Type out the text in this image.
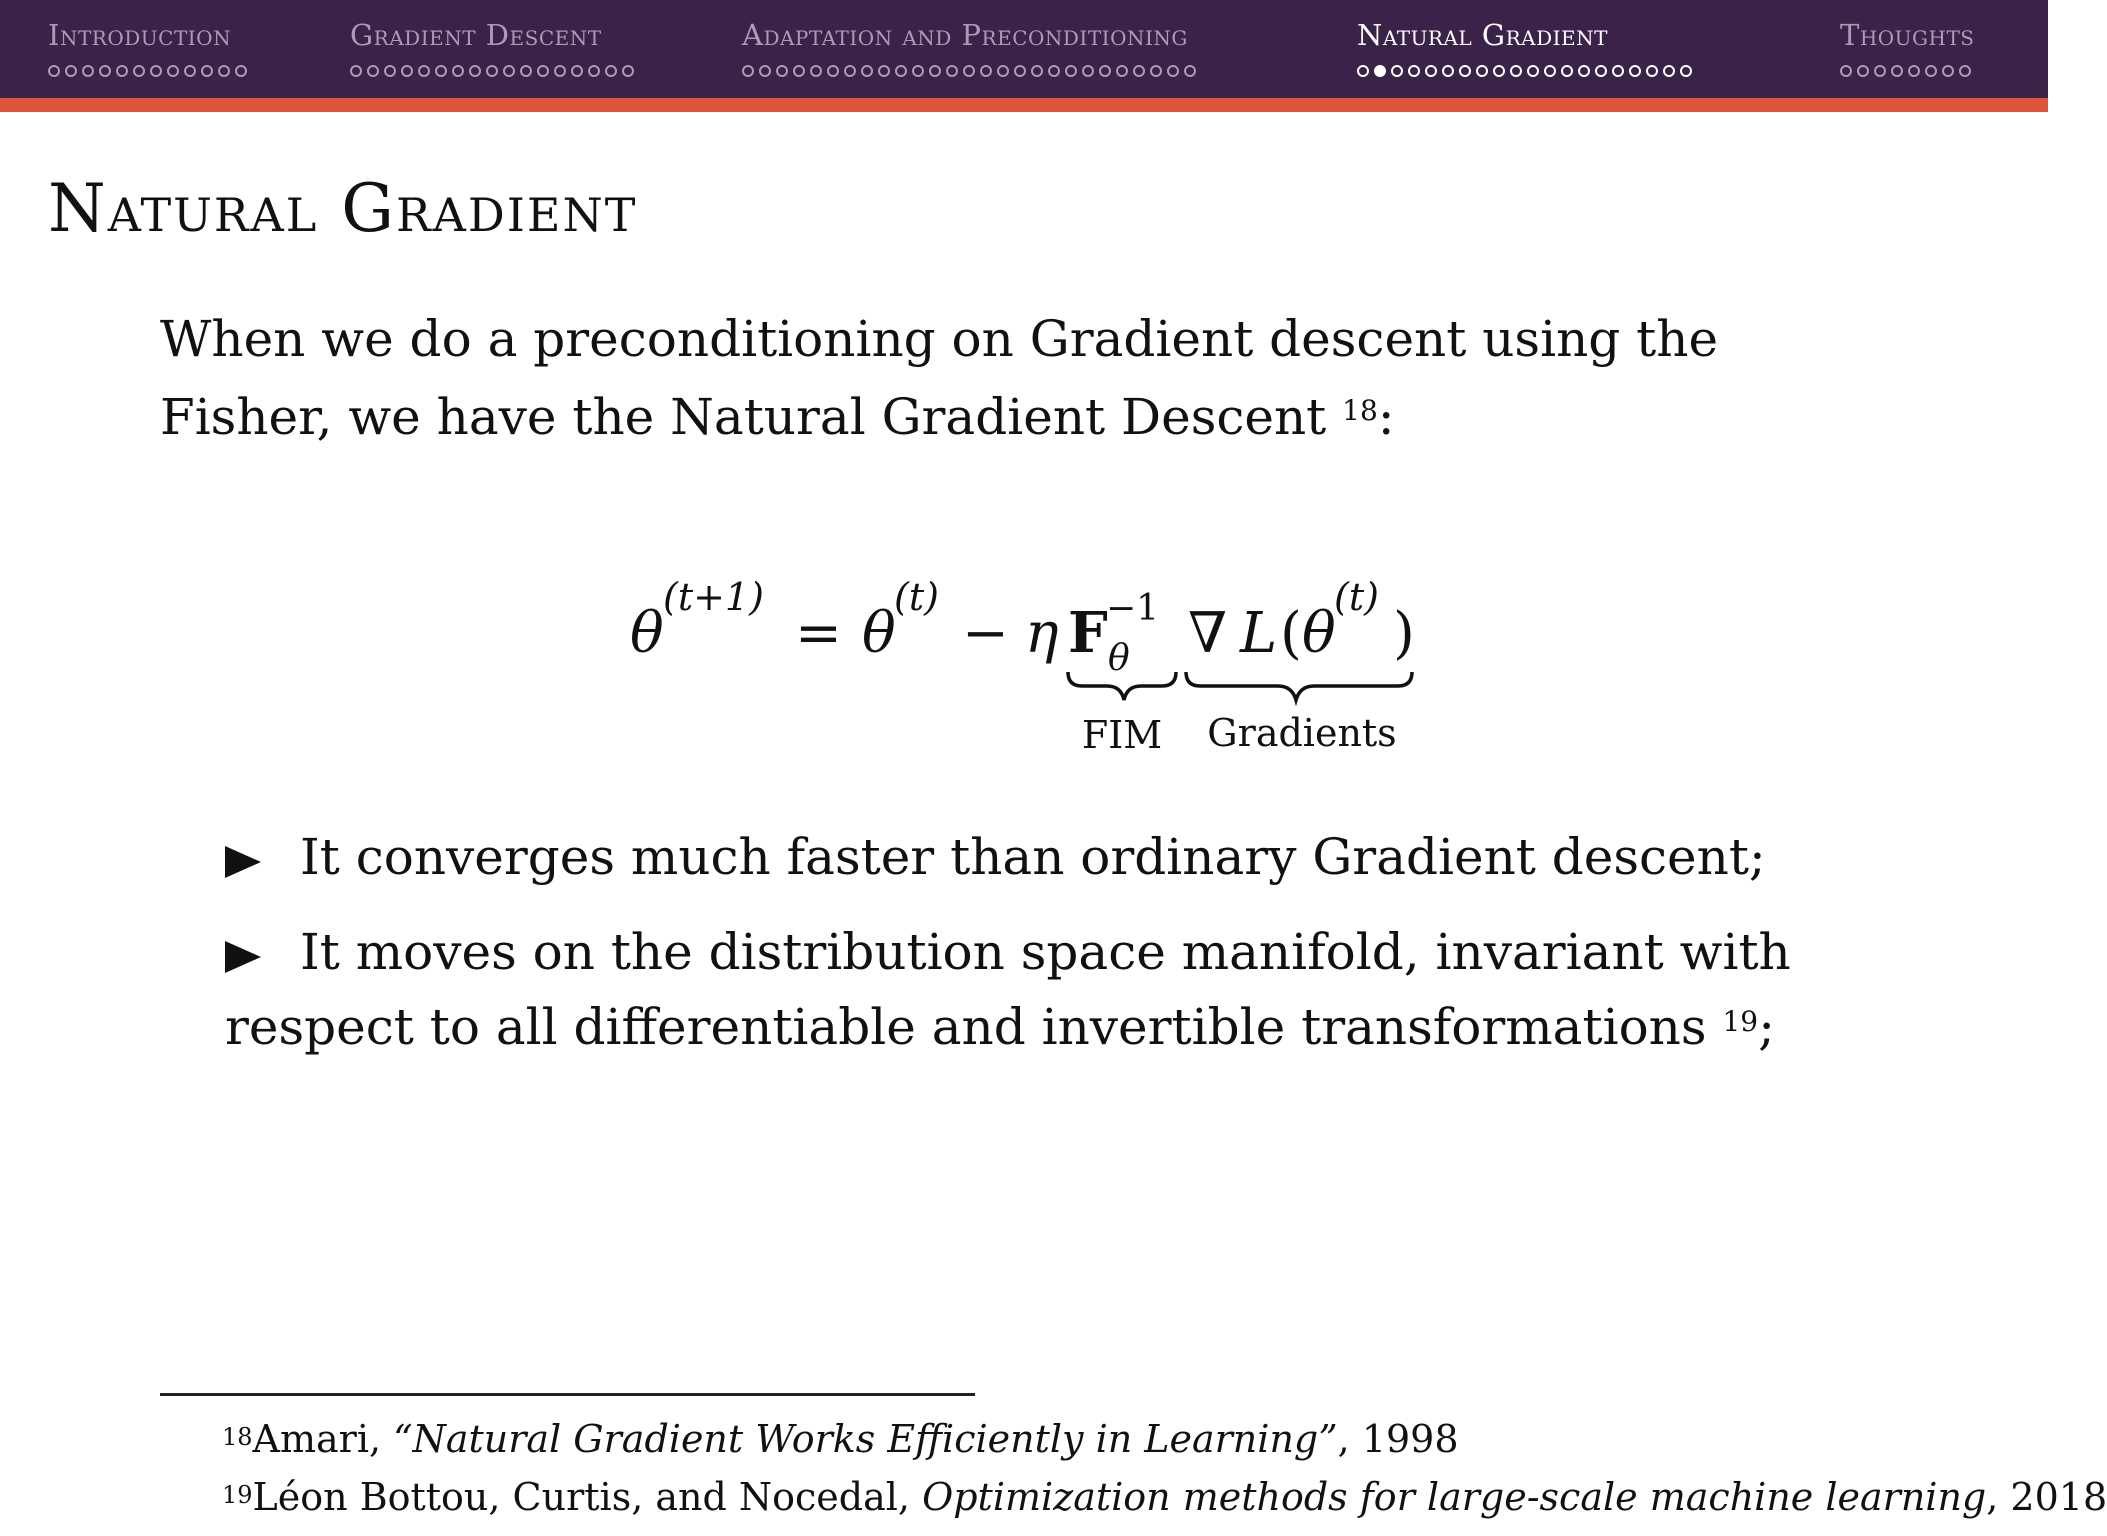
Introduction	Gradient Descent	Adaptation and Preconditioning	Natural Gradient	Thoughts
Natural Gradient
When we do a preconditioning on Gradient descent using the Fisher, we have the Natural Gradient Descent $^{18}$:
θ
(t+1)
= θ
(t)
− η F θ
−1 ∇ L ( θ
(t)
)
FIM Gradients
It converges much faster than ordinary Gradient descent;
It moves on the distribution space manifold, invariant with respect to all differentiable and invertible transformations $^{19}$;
$^{18}$Amari, “Natural Gradient Works Efficiently in Learning”, 1998
$^{19}$Léon Bottou, Curtis, and Nocedal, Optimization methods for large-scale machine learning, 2018
